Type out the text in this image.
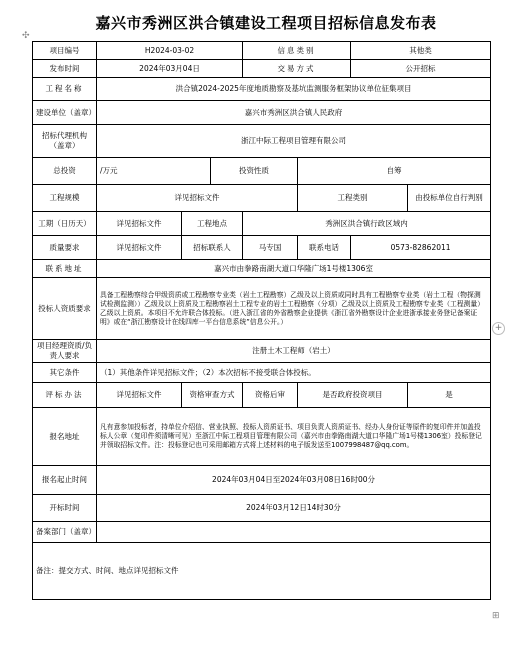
嘉兴市秀洲区洪合镇建设工程项目招标信息发布表
✣
⊞
+
项目编号	H2024-03-02			信息类别		其他类	
发布时间	2024年03月04日			交易方式		公开招标	
工程名称	洪合镇2024-2025年度地质勘察及基坑监测服务框架协议单位征集项目						
建设单位（盖章）	嘉兴市秀洲区洪合镇人民政府						
招标代理机构（盖章）	浙江中际工程项目管理有限公司						
总投资	/万元		投资性质		自筹		
工程规模	详见招标文件				工程类别		由投标单位自行判别
工期（日历天）	详见招标文件	工程地点		秀洲区洪合镇行政区域内			
质量要求	详见招标文件	招标联系人		马专国	联系电话	0573-82862011	
联系地址	嘉兴市由拳路南湖大道口华隆广场1号楼1306室						
投标人资质要求	具备工程勘察综合甲级资质或工程勘察专业类（岩土工程勘察）乙级及以上资质或同时具有工程勘察专业类（岩土工程（物探测试检测监测））乙级及以上资质及工程勘察岩土工程专业的岩土工程勘察（分项）乙级及以上资质及工程勘察专业类（工程测量）乙级以上资质。本项目不允许联合体投标。（进入浙江省的外省勘察企业提供《浙江省外勘察设计企业进浙承接业务登记备案证明》或在“浙江勘察设计在线四库一平台信息系统”信息公开。）						
项目经理资质/负责人要求	注册土木工程师（岩土）						
其它条件	（1）其他条件详见招标文件；（2）本次招标不接受联合体投标。						
评标办法	详见招标文件	资格审查方式		资格后审	是否政府投资项目		是
报名地址	凡有意参加投标者，持单位介绍信、营业执照、投标人资质证书、项目负责人资质证书、经办人身份证等原件的复印件并加盖投标人公章（复印件须清晰可见）至浙江中际工程项目管理有限公司（嘉兴市由拳路南湖大道口华隆广场1号楼1306室）投标登记并领取招标文件。注：投标登记也可采用邮箱方式将上述材料的电子版发送至1007998487@qq.com。						
报名起止时间	2024年03月04日至2024年03月08日16时00分						
开标时间	2024年03月12日14时30分						
备案部门（盖章）							
备注：提交方式、时间、地点详见招标文件							
